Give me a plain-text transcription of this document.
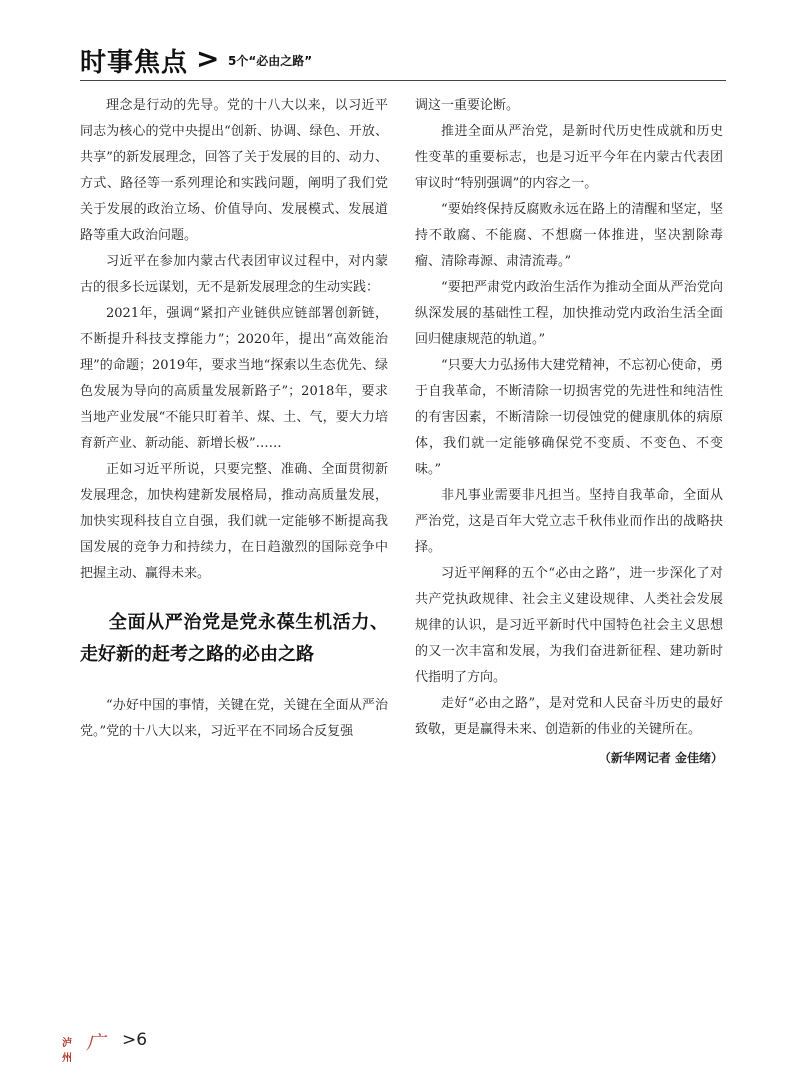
时事焦点 > 5个“必由之路”

理念是行动的先导。党的十八大以来，以习近平同志为核心的党中央提出“创新、协调、绿色、开放、共享”的新发展理念，回答了关于发展的目的、动力、方式、路径等一系列理论和实践问题，阐明了我们党关于发展的政治立场、价值导向、发展模式、发展道路等重大政治问题。

习近平在参加内蒙古代表团审议过程中，对内蒙古的很多长远谋划，无不是新发展理念的生动实践：

2021年，强调“紧扣产业链供应链部署创新链，不断提升科技支撑能力”；2020年，提出“高效能治理”的命题；2019年，要求当地“探索以生态优先、绿色发展为导向的高质量发展新路子”；2018年，要求当地产业发展“不能只盯着羊、煤、土、气，要大力培育新产业、新动能、新增长极”……

正如习近平所说，只要完整、准确、全面贯彻新发展理念，加快构建新发展格局，推动高质量发展，加快实现科技自立自强，我们就一定能够不断提高我国发展的竞争力和持续力，在日趋激烈的国际竞争中把握主动、赢得未来。

全面从严治党是党永葆生机活力、走好新的赶考之路的必由之路

“办好中国的事情，关键在党，关键在全面从严治党。”党的十八大以来，习近平在不同场合反复强

调这一重要论断。

推进全面从严治党，是新时代历史性成就和历史性变革的重要标志，也是习近平今年在内蒙古代表团审议时“特别强调”的内容之一。

“要始终保持反腐败永远在路上的清醒和坚定，坚持不敢腐、不能腐、不想腐一体推进，坚决割除毒瘤、清除毒源、肃清流毒。”

“要把严肃党内政治生活作为推动全面从严治党向纵深发展的基础性工程，加快推动党内政治生活全面回归健康规范的轨道。”

“只要大力弘扬伟大建党精神，不忘初心使命，勇于自我革命，不断清除一切损害党的先进性和纯洁性的有害因素，不断清除一切侵蚀党的健康肌体的病原体，我们就一定能够确保党不变质、不变色、不变味。”

非凡事业需要非凡担当。坚持自我革命，全面从严治党，这是百年大党立志千秋伟业而作出的战略抉择。

习近平阐释的五个“必由之路”，进一步深化了对共产党执政规律、社会主义建设规律、人类社会发展规律的认识，是习近平新时代中国特色社会主义思想的又一次丰富和发展，为我们奋进新征程、建功新时代指明了方向。

走好“必由之路”，是对党和人民奋斗历史的最好致敬，更是赢得未来、创造新的伟业的关键所在。

（新华网记者 金佳绪）
泸州
广 >6
